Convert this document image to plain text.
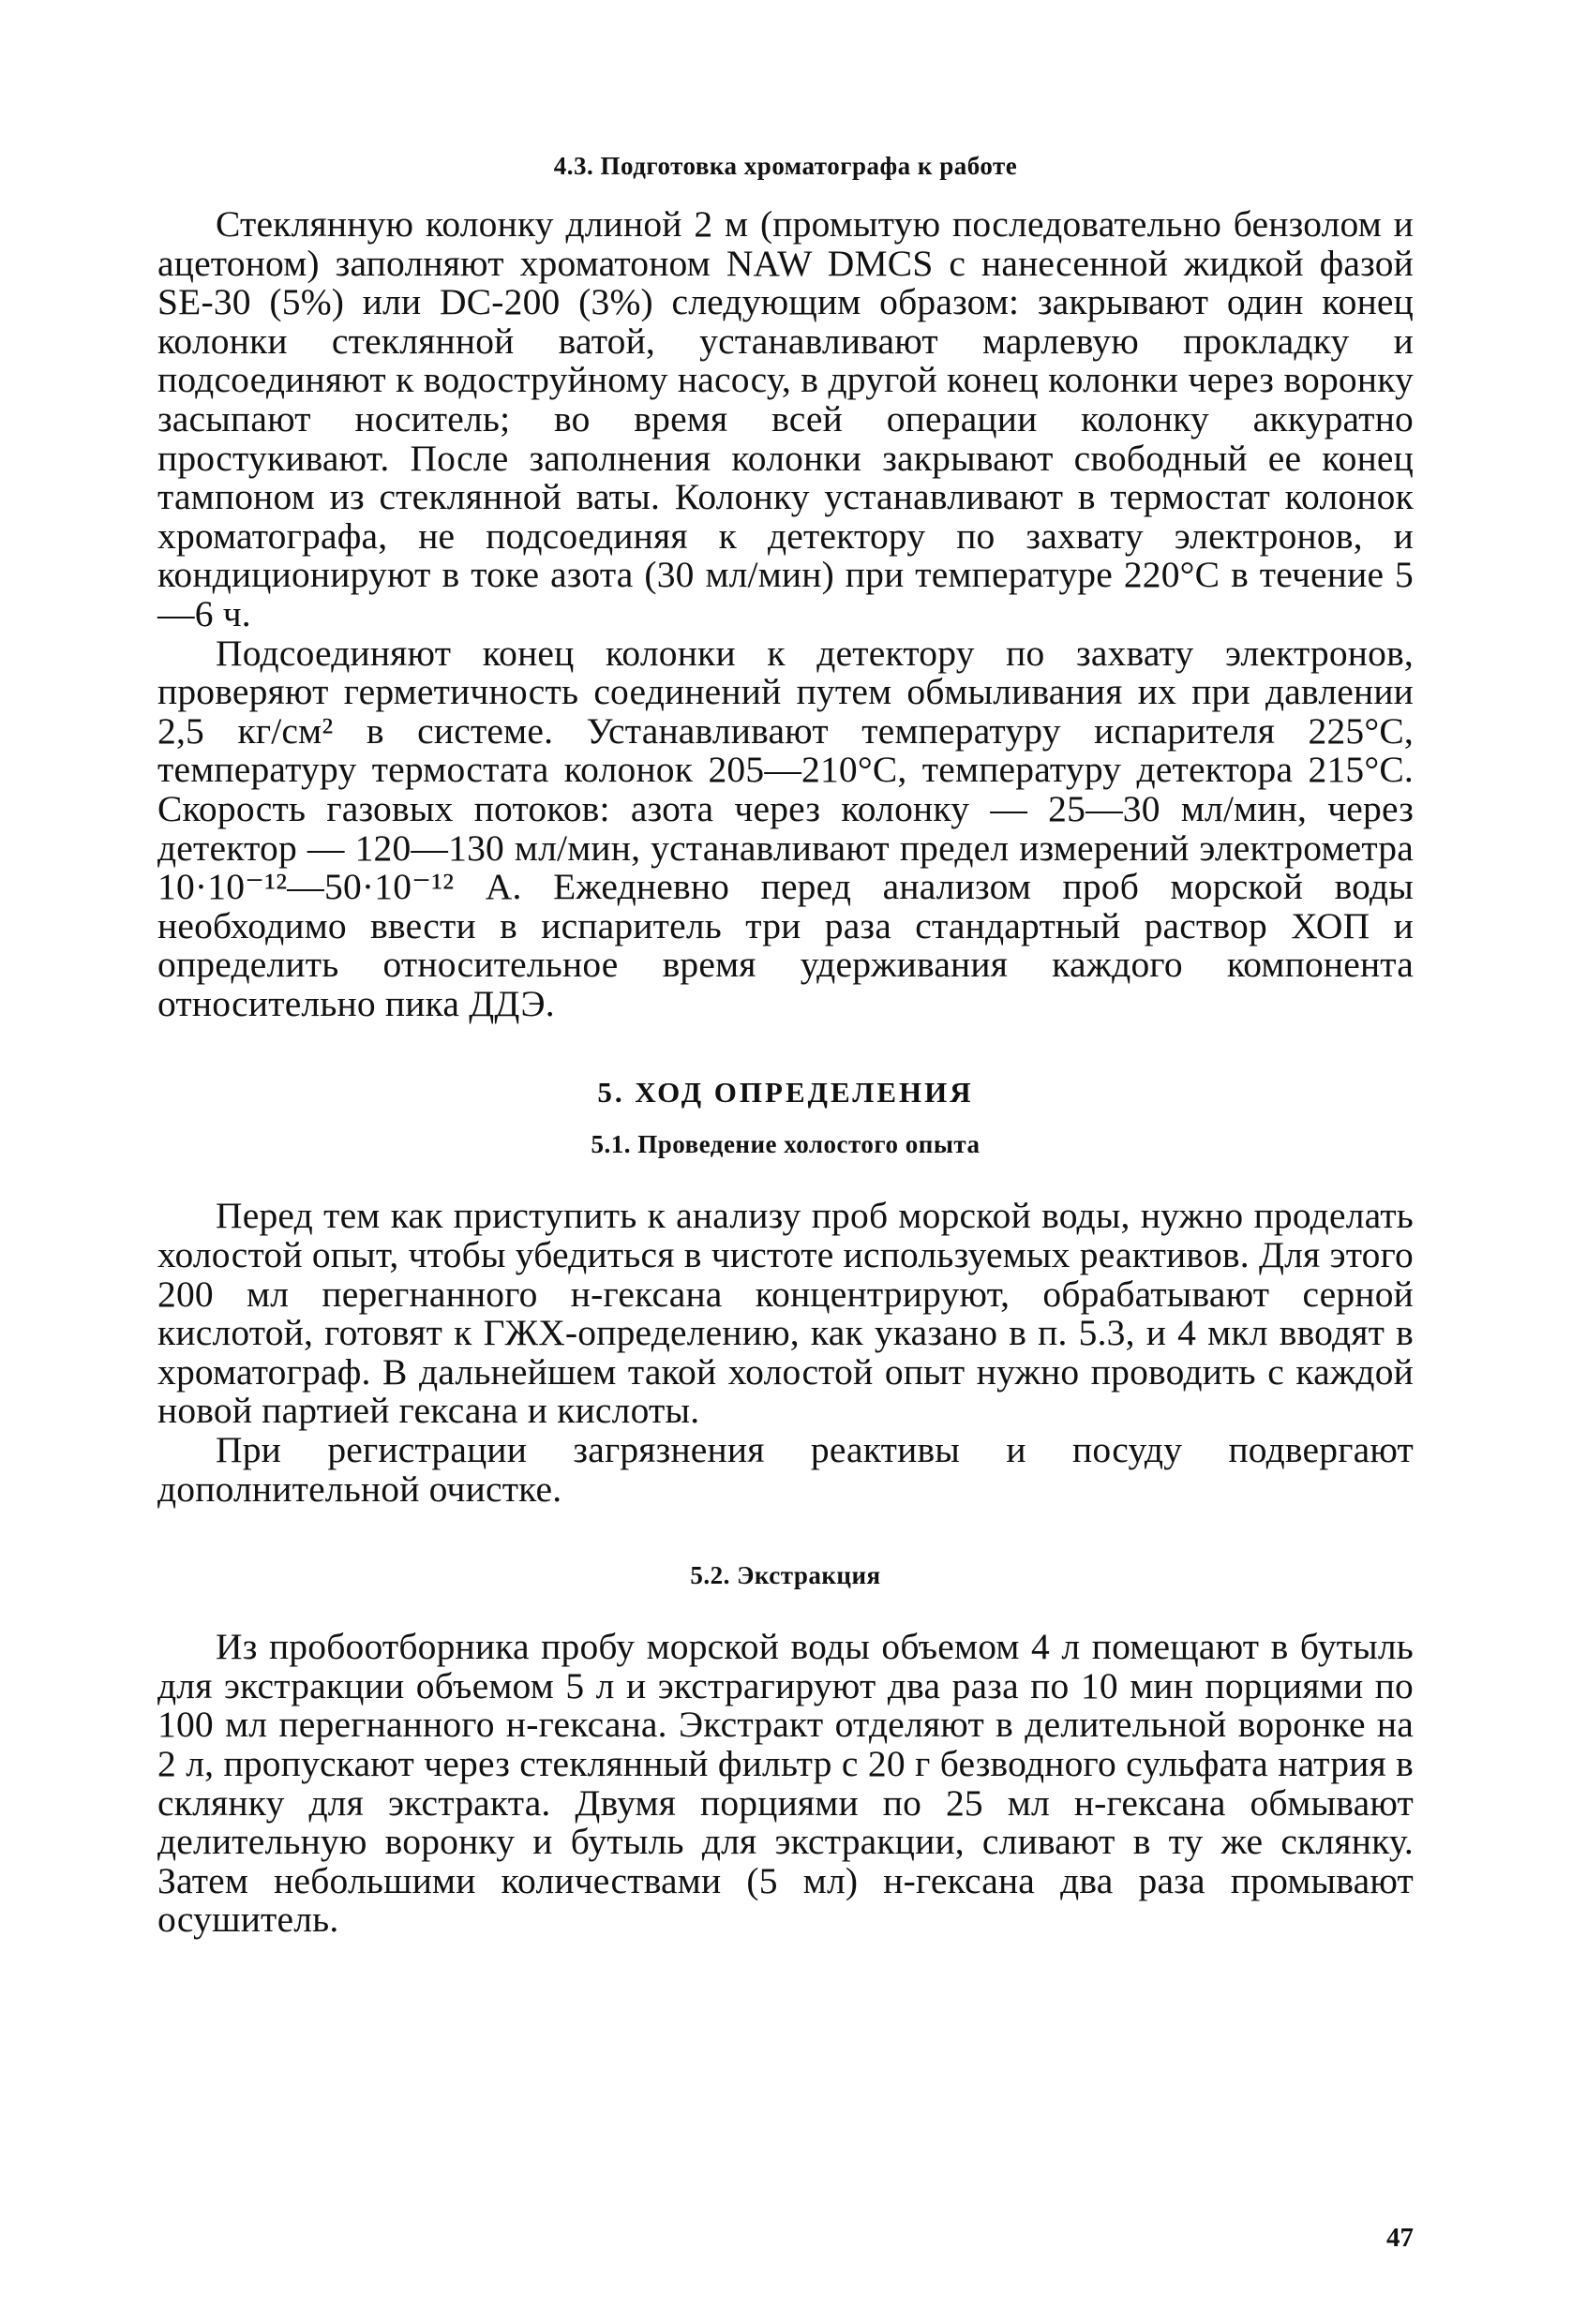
4.3. Подготовка хроматографа к работе

Стеклянную колонку длиной 2 м (промытую последовательно бензолом и ацетоном) заполняют хроматоном NAW DMCS с нанесенной жидкой фазой SE-30 (5%) или DC-200 (3%) следующим образом: закрывают один конец колонки стеклянной ватой, устанавливают марлевую прокладку и подсоединяют к водоструйному насосу, в другой конец колонки через воронку засыпают носитель; во время всей операции колонку аккуратно простукивают. После заполнения колонки закрывают свободный ее конец тампоном из стеклянной ваты. Колонку устанавливают в термостат колонок хроматографа, не подсоединяя к детектору по захвату электронов, и кондиционируют в токе азота (30 мл/мин) при температуре 220°С в течение 5—6 ч.

Подсоединяют конец колонки к детектору по захвату электронов, проверяют герметичность соединений путем обмыливания их при давлении 2,5 кг/см² в системе. Устанавливают температуру испарителя 225°С, температуру термостата колонок 205—210°С, температуру детектора 215°С. Скорость газовых потоков: азота через колонку — 25—30 мл/мин, через детектор — 120—130 мл/мин, устанавливают предел измерений электрометра 10·10⁻¹²—50·10⁻¹² А. Ежедневно перед анализом проб морской воды необходимо ввести в испаритель три раза стандартный раствор ХОП и определить относительное время удерживания каждого компонента относительно пика ДДЭ.

5. ХОД ОПРЕДЕЛЕНИЯ
5.1. Проведение холостого опыта

Перед тем как приступить к анализу проб морской воды, нужно проделать холостой опыт, чтобы убедиться в чистоте используемых реактивов. Для этого 200 мл перегнанного н-гексана концентрируют, обрабатывают серной кислотой, готовят к ГЖХ-определению, как указано в п. 5.3, и 4 мкл вводят в хроматограф. В дальнейшем такой холостой опыт нужно проводить с каждой новой партией гексана и кислоты.

При регистрации загрязнения реактивы и посуду подвергают дополнительной очистке.

5.2. Экстракция

Из пробоотборника пробу морской воды объемом 4 л помещают в бутыль для экстракции объемом 5 л и экстрагируют два раза по 10 мин порциями по 100 мл перегнанного н-гексана. Экстракт отделяют в делительной воронке на 2 л, пропускают через стеклянный фильтр с 20 г безводного сульфата натрия в склянку для экстракта. Двумя порциями по 25 мл н-гексана обмывают делительную воронку и бутыль для экстракции, сливают в ту же склянку. Затем небольшими количествами (5 мл) н-гексана два раза промывают осушитель.

47
